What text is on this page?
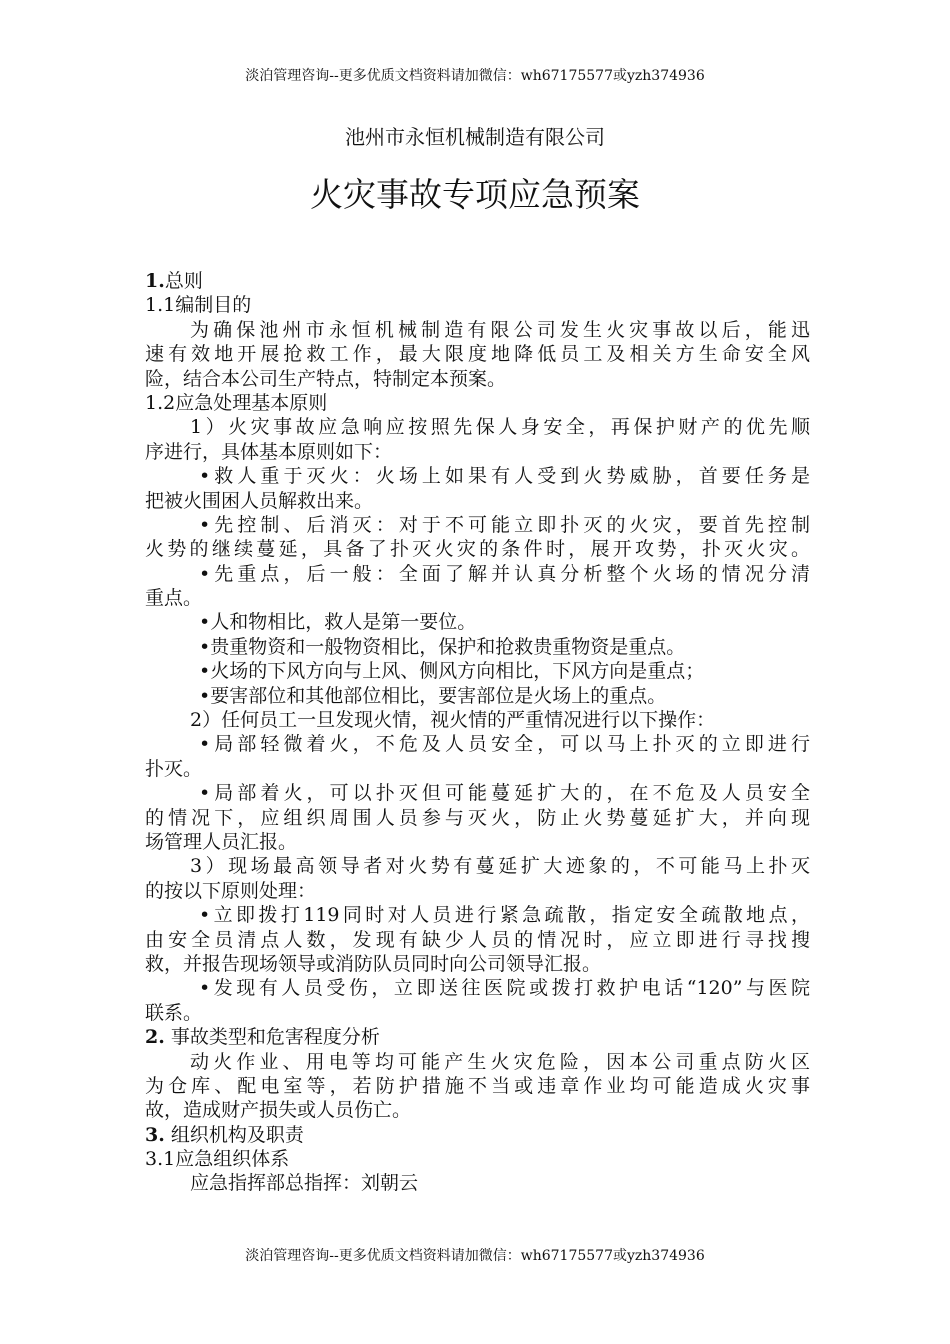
淡泊管理咨询--更多优质文档资料请加微信：wh67175577或yzh374936
池州市永恒机械制造有限公司
火灾事故专项应急预案
1.总则
1.1编制目的
为确保池州市永恒机械制造有限公司发生火灾事故以后，能迅
速有效地开展抢救工作，最大限度地降低员工及相关方生命安全风
险，结合本公司生产特点，特制定本预案。
1.2应急处理基本原则
1）火灾事故应急响应按照先保人身安全，再保护财产的优先顺
序进行，具体基本原则如下：
•救人重于灭火：火场上如果有人受到火势威胁，首要任务是
把被火围困人员解救出来。
•先控制、后消灭：对于不可能立即扑灭的火灾，要首先控制
火势的继续蔓延，具备了扑灭火灾的条件时，展开攻势，扑灭火灾。
•先重点，后一般：全面了解并认真分析整个火场的情况分清
重点。
•人和物相比，救人是第一要位。
•贵重物资和一般物资相比，保护和抢救贵重物资是重点。
•火场的下风方向与上风、侧风方向相比，下风方向是重点；
•要害部位和其他部位相比，要害部位是火场上的重点。
2）任何员工一旦发现火情，视火情的严重情况进行以下操作：
•局部轻微着火，不危及人员安全，可以马上扑灭的立即进行
扑灭。
•局部着火，可以扑灭但可能蔓延扩大的，在不危及人员安全
的情况下，应组织周围人员参与灭火，防止火势蔓延扩大，并向现
场管理人员汇报。
3）现场最高领导者对火势有蔓延扩大迹象的，不可能马上扑灭
的按以下原则处理：
•立即拨打119同时对人员进行紧急疏散，指定安全疏散地点，
由安全员清点人数，发现有缺少人员的情况时，应立即进行寻找搜
救，并报告现场领导或消防队员同时向公司领导汇报。
•发现有人员受伤，立即送往医院或拨打救护电话“120”与医院
联系。
2. 事故类型和危害程度分析
动火作业、用电等均可能产生火灾危险，因本公司重点防火区
为仓库、配电室等，若防护措施不当或违章作业均可能造成火灾事
故，造成财产损失或人员伤亡。
3. 组织机构及职责
3.1应急组织体系
应急指挥部总指挥：刘朝云
淡泊管理咨询--更多优质文档资料请加微信：wh67175577或yzh374936
